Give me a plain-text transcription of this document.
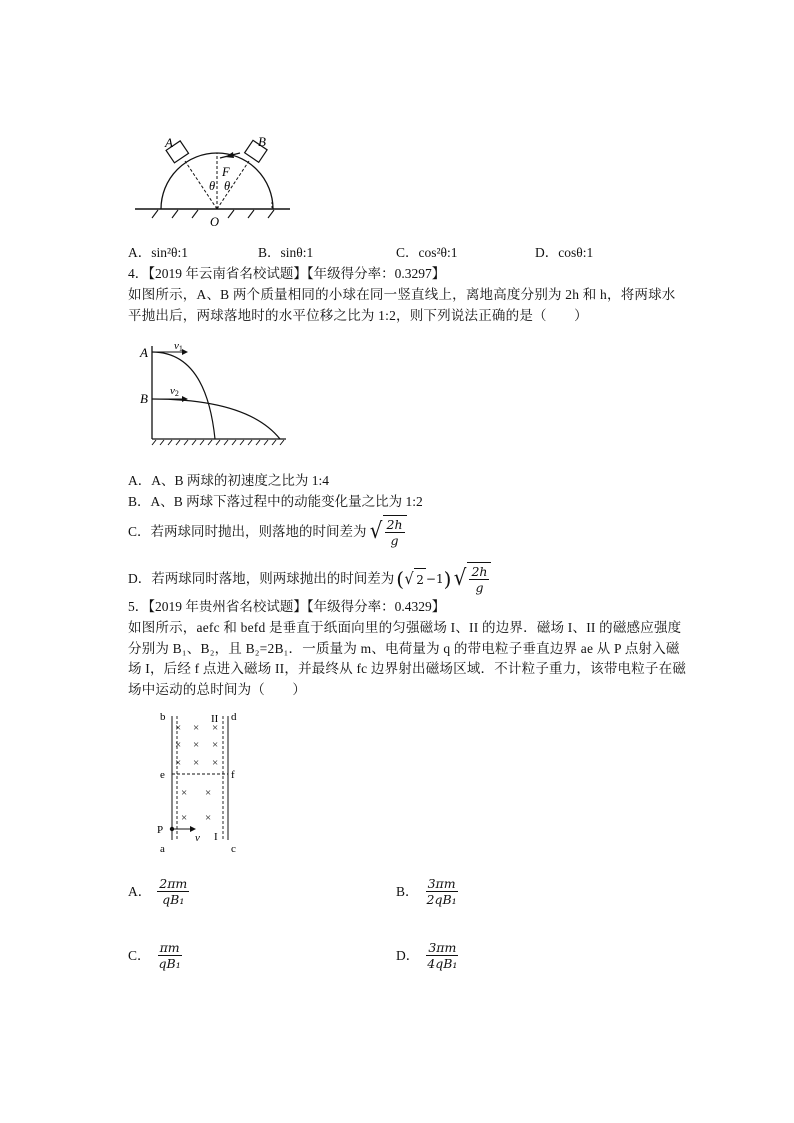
A	B
F
θ θ
O
A．sin²θ:1	B．sinθ:1	C．cos²θ:1	D．cosθ:1
4．【2019 年云南省名校试题】【年级得分率：0.3297】
如图所示，A、B 两个质量相同的小球在同一竖直线上，离地高度分别为 2h 和 h，将两球水平抛出后，两球落地时的水平位移之比为 1:2，则下列说法正确的是（　　）
A
B
v1
v2
A．A、B 两球的初速度之比为 1:4
B．A、B 两球下落过程中的动能变化量之比为 1:2
C． 若两球同时抛出，则落地的时间差为 √ $\frac{2h}{g}$
D． 若两球同时落地，则两球抛出的时间差为 ( √ 2 −1 ) √ $\frac{2h}{g}$
5．【2019 年贵州省名校试题】【年级得分率：0.4329】
如图所示，aefc 和 befd 是垂直于纸面向里的匀强磁场 I、II 的边界．磁场 I、II 的磁感应强度分别为 B₁、B₂，且 B₂=2B₁．一质量为 m、电荷量为 q 的带电粒子垂直边界 ae 从 P 点射入磁场 I，后经 f 点进入磁场 II，并最终从 fc 边界射出磁场区域．不计粒子重力，该带电粒子在磁场中运动的总时间为（　　）
× × ×
× × ×
× × ×
× ×
× ×
b	II d
e	f
P
v I
a	c
A． $\frac{2\pi m}{\text{qB₁}}$	B． $\frac{3\pi m}{\text{2qB₁}}$
C． $\frac{\pi m}{\text{qB₁}}$	D． $\frac{3\pi m}{\text{4qB₁}}$
